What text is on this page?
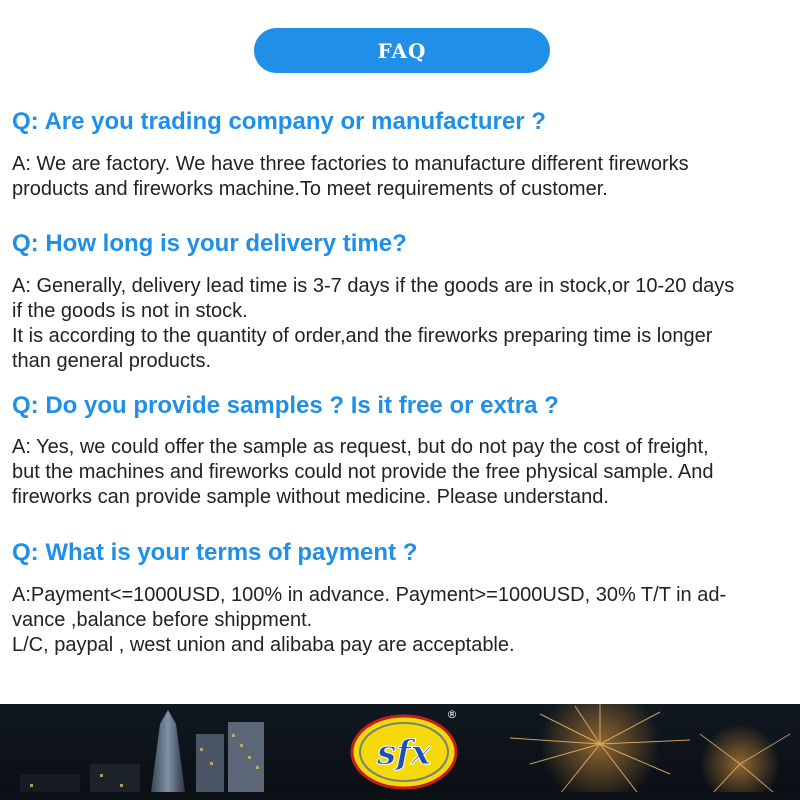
FAQ
Q: Are you trading company or manufacturer ?

A: We are factory. We have three factories to manufacture different fireworks
products and fireworks machine.To meet requirements of customer.

Q: How long is your delivery time?

A: Generally, delivery lead time is 3-7 days if the goods are in stock,or 10-20 days
if the goods is not in stock.
It is according to the quantity of order,and the fireworks preparing time is longer
than general products.

Q: Do you provide samples ? Is it free or extra ?

A: Yes, we could offer the sample as request, but do not pay the cost of freight,
but the machines and fireworks could not provide the free physical sample. And
fireworks can provide sample without medicine. Please understand.

Q: What is your terms of payment ?

A:Payment<=1000USD, 100% in advance. Payment>=1000USD, 30% T/T in ad-
vance ,balance before shippment.
L/C, paypal , west union and alibaba pay are acceptable.

sfx
®
